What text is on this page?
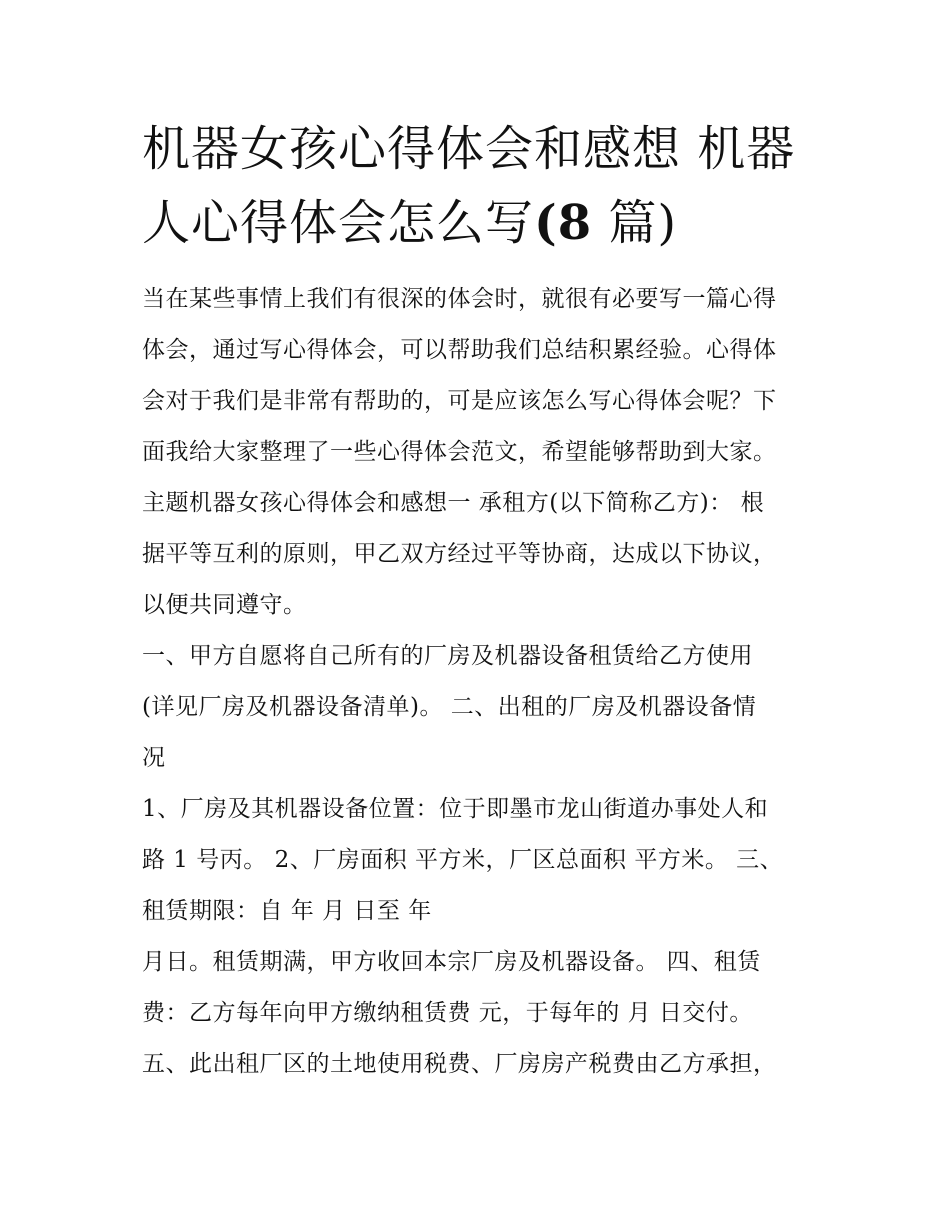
机器女孩心得体会和感想 机器
人心得体会怎么写(8 篇)
当在某些事情上我们有很深的体会时，就很有必要写一篇心得
体会，通过写心得体会，可以帮助我们总结积累经验。心得体
会对于我们是非常有帮助的，可是应该怎么写心得体会呢？下
面我给大家整理了一些心得体会范文，希望能够帮助到大家。
主题机器女孩心得体会和感想一 承租方(以下简称乙方)： 根
据平等互利的原则，甲乙双方经过平等协商，达成以下协议，
以便共同遵守。
一、甲方自愿将自己所有的厂房及机器设备租赁给乙方使用
(详见厂房及机器设备清单)。 二、出租的厂房及机器设备情
况
1、厂房及其机器设备位置：位于即墨市龙山街道办事处人和
路 1 号丙。 2、厂房面积 平方米，厂区总面积 平方米。 三、
租赁期限：自 年 月 日至 年
月日。租赁期满，甲方收回本宗厂房及机器设备。 四、租赁
费：乙方每年向甲方缴纳租赁费 元，于每年的 月 日交付。
五、此出租厂区的土地使用税费、厂房房产税费由乙方承担，
